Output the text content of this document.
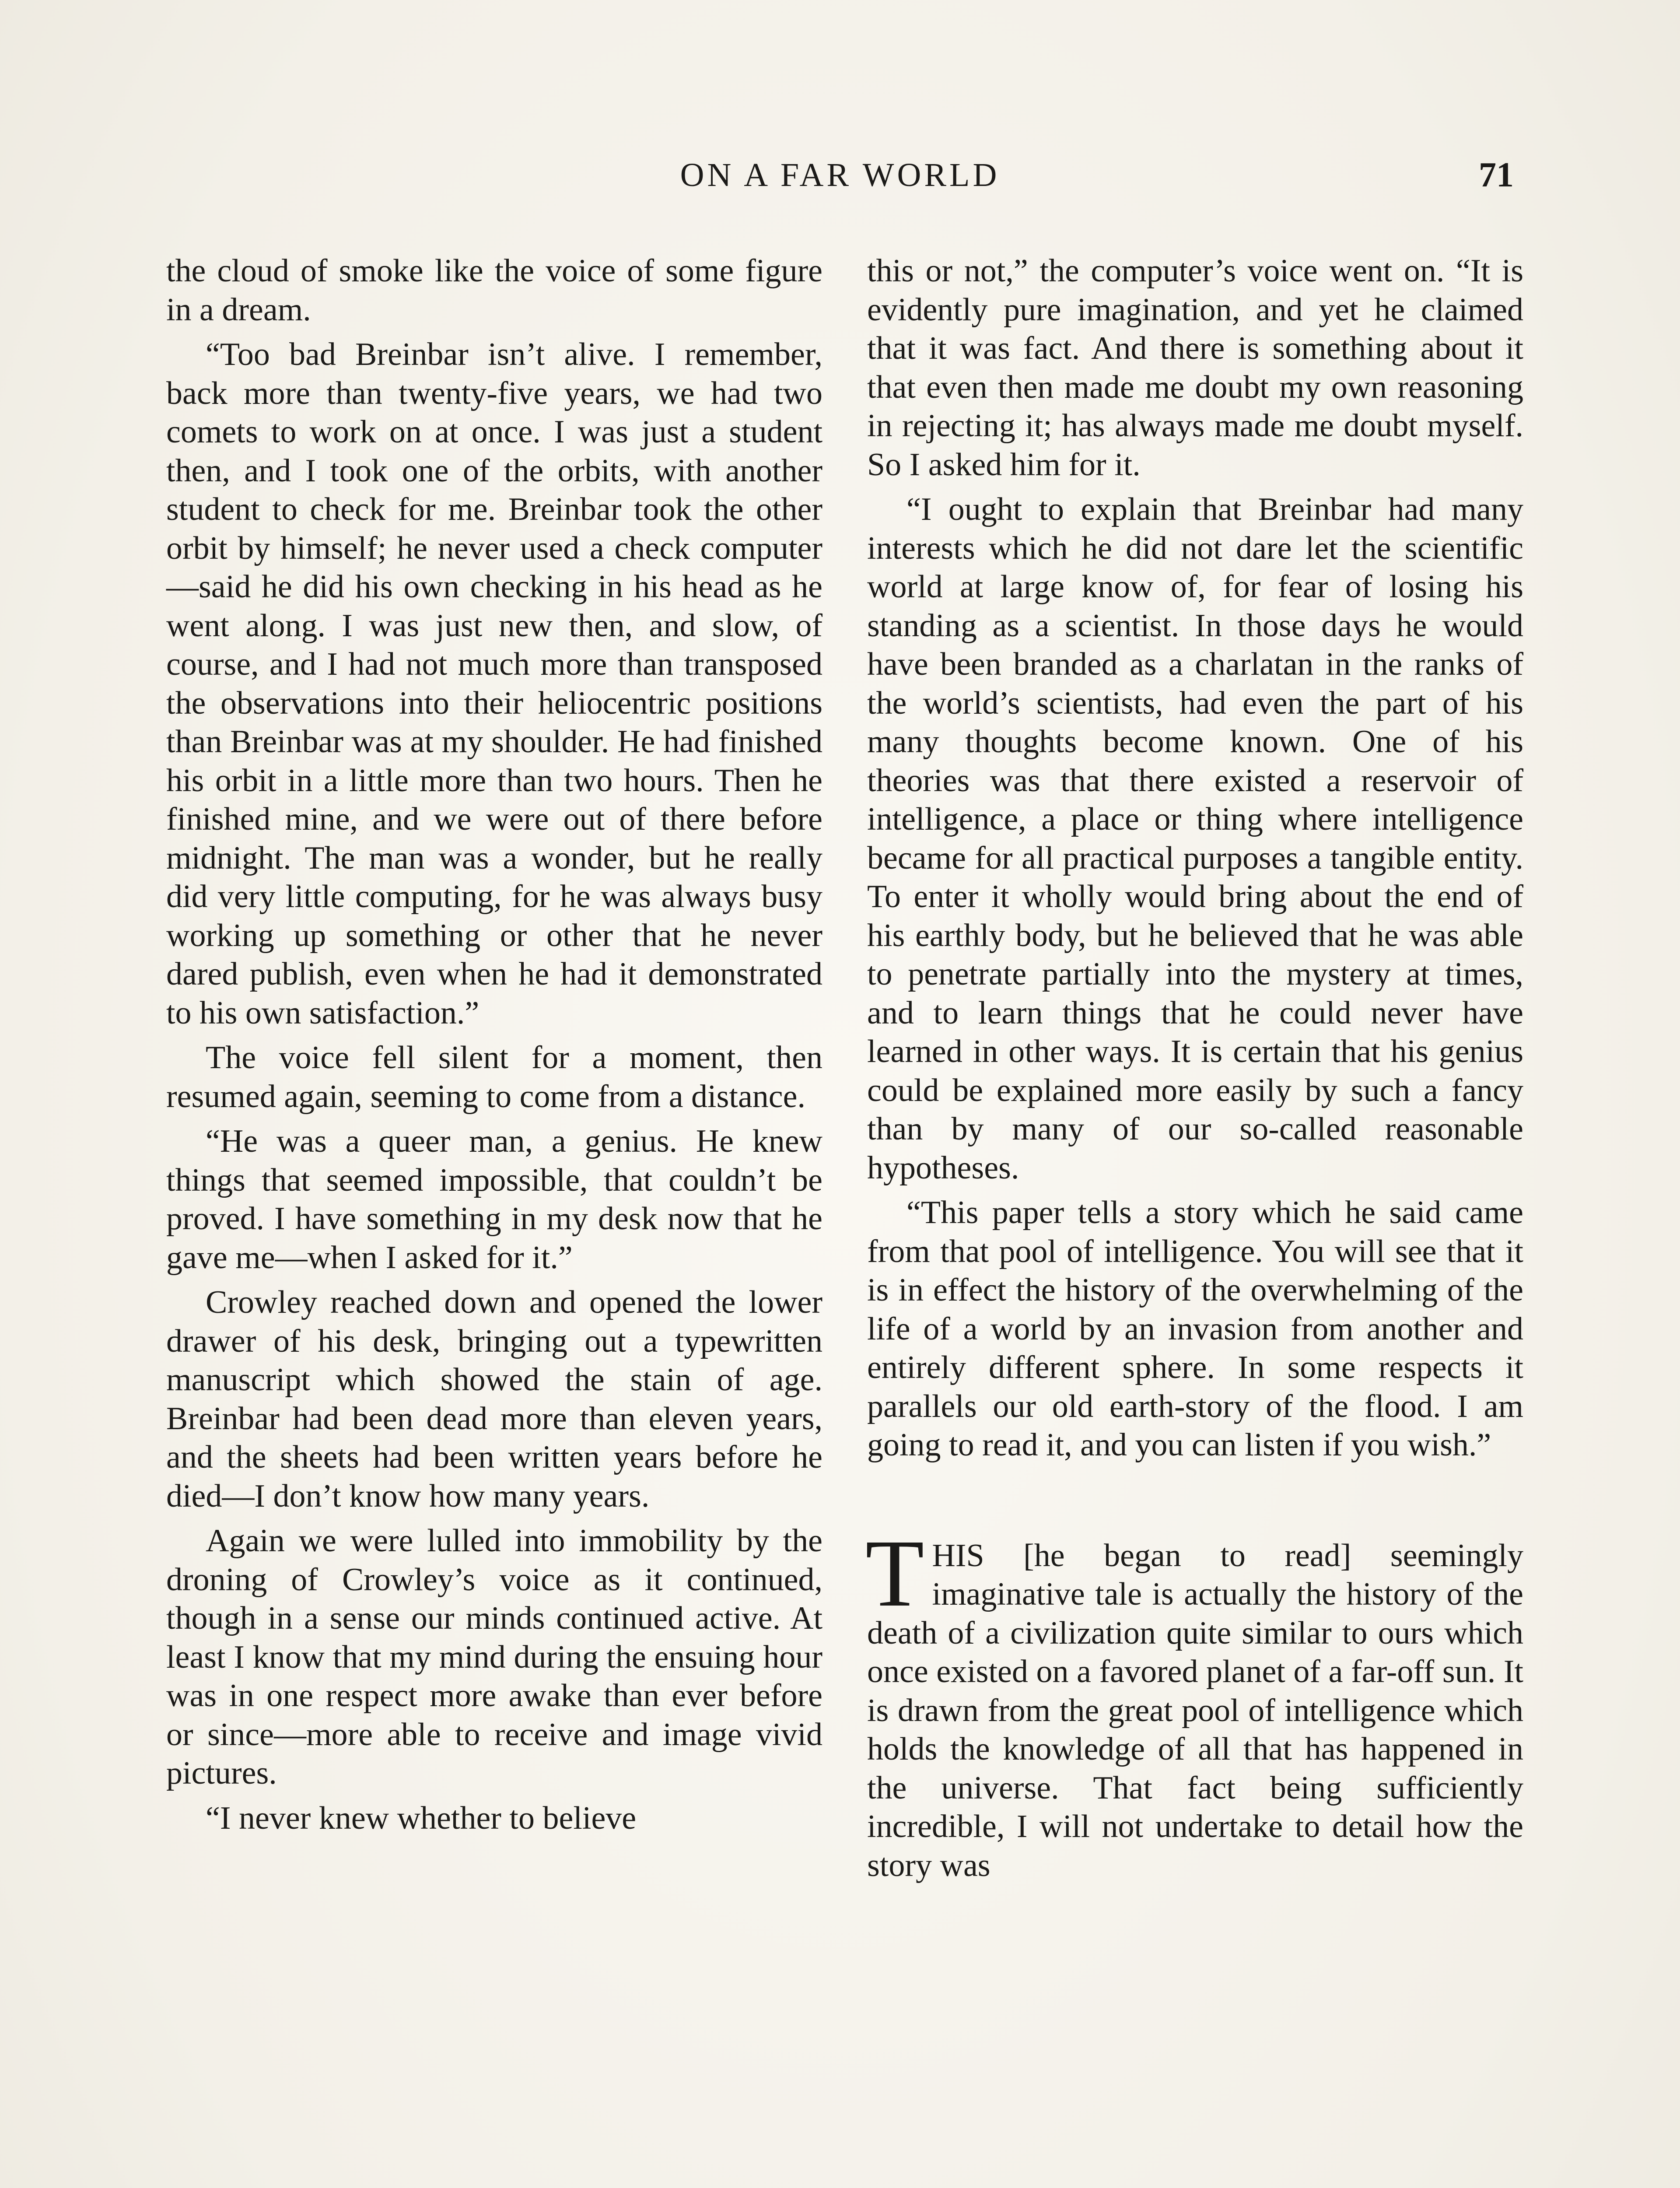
ON A FAR WORLD	71

the cloud of smoke like the voice of some figure in a dream.

“Too bad Breinbar isn’t alive. I remember, back more than twenty-five years, we had two comets to work on at once. I was just a student then, and I took one of the orbits, with another student to check for me. Breinbar took the other orbit by himself; he never used a check computer—said he did his own checking in his head as he went along. I was just new then, and slow, of course, and I had not much more than transposed the observations into their heliocentric positions than Breinbar was at my shoulder. He had finished his orbit in a little more than two hours. Then he finished mine, and we were out of there before midnight. The man was a wonder, but he really did very little computing, for he was always busy working up something or other that he never dared publish, even when he had it demonstrated to his own satisfaction.”

The voice fell silent for a moment, then resumed again, seeming to come from a distance.

“He was a queer man, a genius. He knew things that seemed impossible, that couldn’t be proved. I have something in my desk now that he gave me—when I asked for it.”

Crowley reached down and opened the lower drawer of his desk, bringing out a typewritten manuscript which showed the stain of age. Breinbar had been dead more than eleven years, and the sheets had been written years before he died—I don’t know how many years.

Again we were lulled into immobility by the droning of Crowley’s voice as it continued, though in a sense our minds continued active. At least I know that my mind during the ensuing hour was in one respect more awake than ever before or since—more able to receive and image vivid pictures.

“I never knew whether to believe

this or not,” the computer’s voice went on. “It is evidently pure imagination, and yet he claimed that it was fact. And there is something about it that even then made me doubt my own reasoning in rejecting it; has always made me doubt myself. So I asked him for it.

“I ought to explain that Breinbar had many interests which he did not dare let the scientific world at large know of, for fear of losing his standing as a scientist. In those days he would have been branded as a charlatan in the ranks of the world’s scientists, had even the part of his many thoughts become known. One of his theories was that there existed a reservoir of intelligence, a place or thing where intelligence became for all practical purposes a tangible entity. To enter it wholly would bring about the end of his earthly body, but he believed that he was able to penetrate partially into the mystery at times, and to learn things that he could never have learned in other ways. It is certain that his genius could be explained more easily by such a fancy than by many of our so-called reasonable hypotheses.

“This paper tells a story which he said came from that pool of intelligence. You will see that it is in effect the history of the overwhelming of the life of a world by an invasion from another and entirely different sphere. In some respects it parallels our old earth-story of the flood. I am going to read it, and you can listen if you wish.”

THIS [he began to read] seemingly imaginative tale is actually the history of the death of a civilization quite similar to ours which once existed on a favored planet of a far-off sun. It is drawn from the great pool of intelligence which holds the knowledge of all that has happened in the universe. That fact being sufficiently incredible, I will not undertake to detail how the story was
